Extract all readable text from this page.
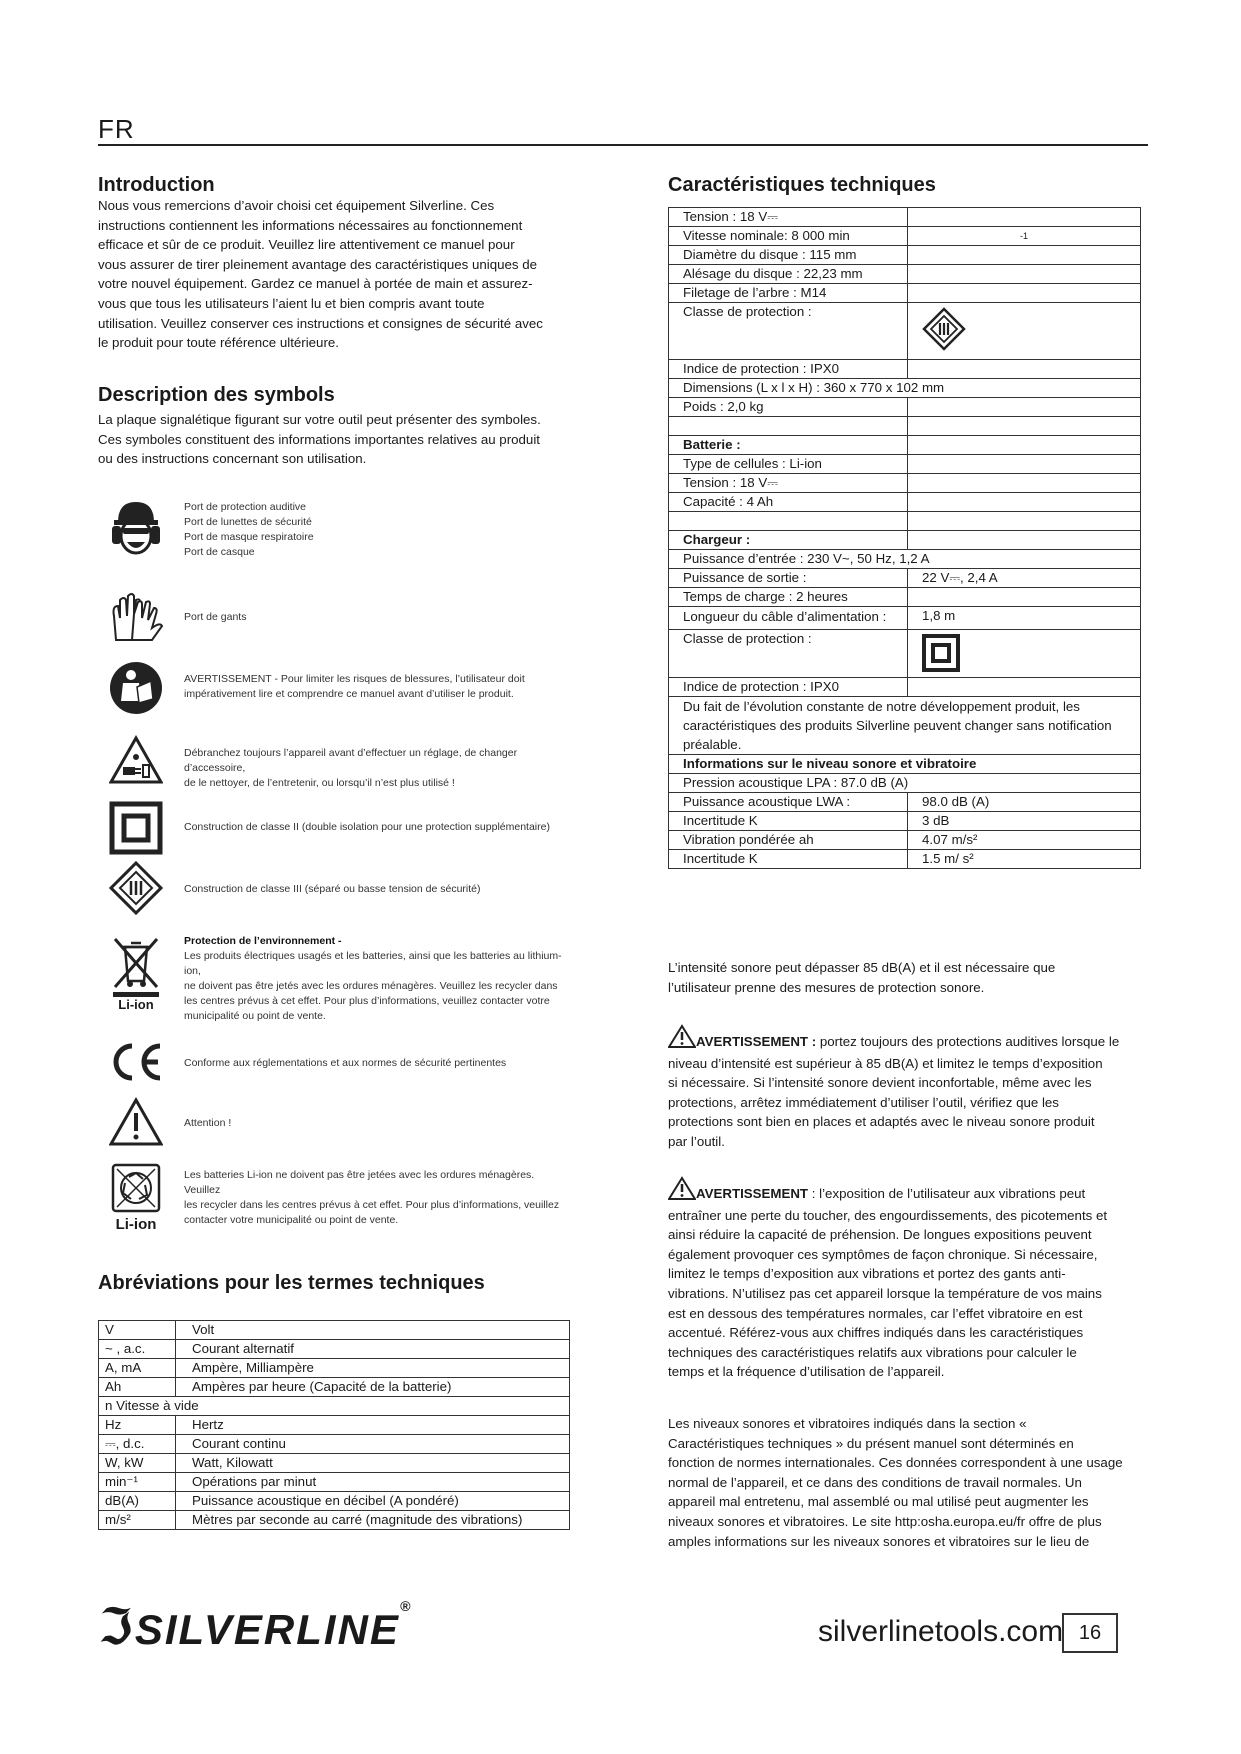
FR
Introduction
Nous vous remercions d’avoir choisi cet équipement Silverline. Ces
instructions contiennent les informations nécessaires au fonctionnement
efficace et sûr de ce produit. Veuillez lire attentivement ce manuel pour
vous assurer de tirer pleinement avantage des caractéristiques uniques de
votre nouvel équipement. Gardez ce manuel à portée de main et assurez-
vous que tous les utilisateurs l’aient lu et bien compris avant toute
utilisation. Veuillez conserver ces instructions et consignes de sécurité avec
le produit pour toute référence ultérieure.
Description des symbols
La plaque signalétique figurant sur votre outil peut présenter des symboles.
Ces symboles constituent des informations importantes relatives au produit
ou des instructions concernant son utilisation.
Port de protection auditive
Port de lunettes de sécurité
Port de masque respiratoire
Port de casque
Port de gants
AVERTISSEMENT - Pour limiter les risques de blessures, l’utilisateur doit
impérativement lire et comprendre ce manuel avant d’utiliser le produit.
Débranchez toujours l’appareil avant d’effectuer un réglage, de changer d’accessoire,
de le nettoyer, de l’entretenir, ou lorsqu’il n’est plus utilisé !
Construction de classe II (double isolation pour une protection supplémentaire)
Construction de classe III (séparé ou basse tension de sécurité)
Li-ion
Protection de l’environnement -
Les produits électriques usagés et les batteries, ainsi que les batteries au lithium-ion,
ne doivent pas être jetés avec les ordures ménagères. Veuillez les recycler dans
les centres prévus à cet effet. Pour plus d’informations, veuillez contacter votre
municipalité ou point de vente.
Conforme aux réglementations et aux normes de sécurité pertinentes
Attention !
Li-ion
Les batteries Li-ion ne doivent pas être jetées avec les ordures ménagères. Veuillez
les recycler dans les centres prévus à cet effet. Pour plus d’informations, veuillez
contacter votre municipalité ou point de vente.
Abréviations pour les termes techniques
V	Volt
~ , a.c.	Courant alternatif
A, mA	Ampère, Milliampère
Ah	Ampères par heure (Capacité de la batterie)
n Vitesse à vide	
Hz	Hertz
⎓, d.c.	Courant continu
W, kW	Watt, Kilowatt
min⁻¹	Opérations par minut
dB(A)	Puissance acoustique en décibel (A pondéré)
m/s²	Mètres par seconde au carré (magnitude des vibrations)
Caractéristiques techniques
Tension : 18 V⎓	
Vitesse nominale: 8 000 min	-1
Diamètre du disque : 115 mm	
Alésage du disque : 22,23 mm	
Filetage de l’arbre : M14	
Classe de protection :	
Indice de protection : IPX0	
Dimensions (L x l x H) : 360 x 770 x 102 mm	
Poids : 2,0 kg	

Batterie :	
Type de cellules : Li-ion	
Tension : 18 V⎓	
Capacité : 4 Ah	

Chargeur :	
Puissance d’entrée : 230 V~, 50 Hz, 1,2 A	
Puissance de sortie :	22 V⎓, 2,4 A
Temps de charge : 2 heures	
Longueur du câble d’alimentation :	1,8 m
Classe de protection :	
Indice de protection : IPX0	
Du fait de l’évolution constante de notre développement produit, les caractéristiques des produits Silverline peuvent changer sans notification préalable.	
Informations sur le niveau sonore et vibratoire	
Pression acoustique LPA : 87.0 dB (A)	
Puissance acoustique LWA :	98.0 dB (A)
Incertitude K	3 dB
Vibration pondérée ah	4.07 m/s²
Incertitude K	1.5 m/ s²
L’intensité sonore peut dépasser 85 dB(A) et il est nécessaire que
l’utilisateur prenne des mesures de protection sonore.
AVERTISSEMENT : portez toujours des protections auditives lorsque le
niveau d’intensité est supérieur à 85 dB(A) et limitez le temps d’exposition
si nécessaire. Si l’intensité sonore devient inconfortable, même avec les
protections, arrêtez immédiatement d’utiliser l’outil, vérifiez que les
protections sont bien en places et adaptés avec le niveau sonore produit
par l’outil.
AVERTISSEMENT : l’exposition de l’utilisateur aux vibrations peut
entraîner une perte du toucher, des engourdissements, des picotements et
ainsi réduire la capacité de préhension. De longues expositions peuvent
également provoquer ces symptômes de façon chronique. Si nécessaire,
limitez le temps d’exposition aux vibrations et portez des gants anti-
vibrations. N’utilisez pas cet appareil lorsque la température de vos mains
est en dessous des températures normales, car l’effet vibratoire en est
accentué. Référez-vous aux chiffres indiqués dans les caractéristiques
techniques des caractéristiques relatifs aux vibrations pour calculer le
temps et la fréquence d’utilisation de l’appareil.
Les niveaux sonores et vibratoires indiqués dans la section «
Caractéristiques techniques » du présent manuel sont déterminés en
fonction de normes internationales. Ces données correspondent à une usage
normal de l’appareil, et ce dans des conditions de travail normales. Un
appareil mal entretenu, mal assemblé ou mal utilisé peut augmenter les
niveaux sonores et vibratoires. Le site http:osha.europa.eu/fr offre de plus
amples informations sur les niveaux sonores et vibratoires sur le lieu de
ℑSILVERLINE®
silverlinetools.com 16
